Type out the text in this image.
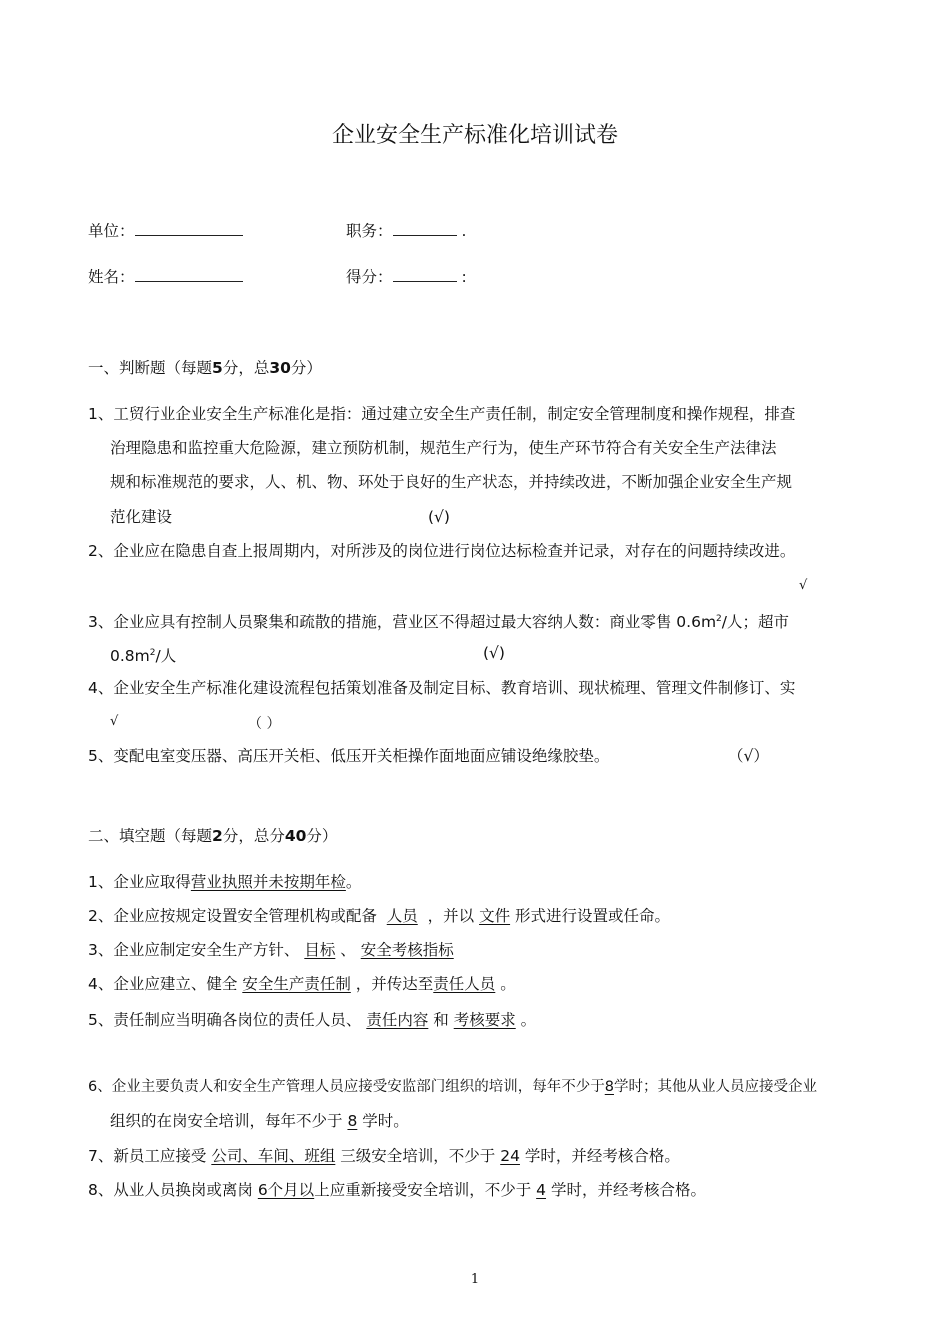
企业安全生产标准化培训试卷
单位：	职务：	.
姓名：	得分：	:
一、判断题（每题5分，总30分）
1、工贸行业企业安全生产标准化是指：通过建立安全生产责任制，制定安全管理制度和操作规程，排查
治理隐患和监控重大危险源，建立预防机制，规范生产行为，使生产环节符合有关安全生产法律法
规和标准规范的要求，人、机、物、环处于良好的生产状态，并持续改进，不断加强企业安全生产规
范化建设	(√)
2、企业应在隐患自查上报周期内，对所涉及的岗位进行岗位达标检查并记录，对存在的问题持续改进。
√
3、企业应具有控制人员聚集和疏散的措施，营业区不得超过最大容纳人数：商业零售 $0.6m^2/$人；超市
$0.8m^2/$人	(√)
4、企业安全生产标准化建设流程包括策划准备及制定目标、教育培训、现状梳理、管理文件制修订、实
√	（ ）
5、变配电室变压器、高压开关柜、低压开关柜操作面地面应铺设绝缘胶垫。	（√）
二、填空题（每题2分，总分40分）
1、企业应取得营业执照并未按期年检。
2、企业应按规定设置安全管理机构或配备 人员 ，并以 文件 形式进行设置或任命。
3、企业应制定安全生产方针、 目标 、 安全考核指标
4、企业应建立、健全 安全生产责任制 ，并传达至责任人员 。
5、责任制应当明确各岗位的责任人员、 责任内容 和 考核要求 。
6、企业主要负责人和安全生产管理人员应接受安监部门组织的培训，每年不少于8学时；其他从业人员应接受企业
组织的在岗安全培训，每年不少于 8 学时。
7、新员工应接受 公司、车间、班组 三级安全培训，不少于 24 学时，并经考核合格。
8、从业人员换岗或离岗 6个月以上应重新接受安全培训，不少于 4 学时，并经考核合格。
1
